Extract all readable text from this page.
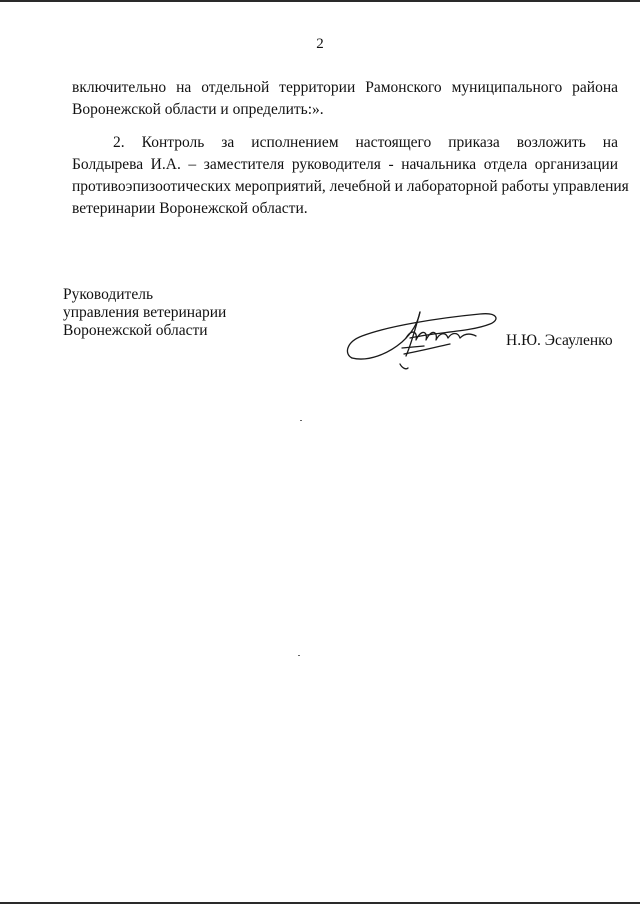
2
включительно на отдельной территории Рамонского муниципального района
Воронежской области и определить:».
2. Контроль за исполнением настоящего приказа возложить на
Болдырева И.А. – заместителя руководителя - начальника отдела организации
противоэпизоотических мероприятий, лечебной и лабораторной работы управления
ветеринарии Воронежской области.
Руководитель
управления ветеринарии
Воронежской области
Н.Ю. Эсауленко
